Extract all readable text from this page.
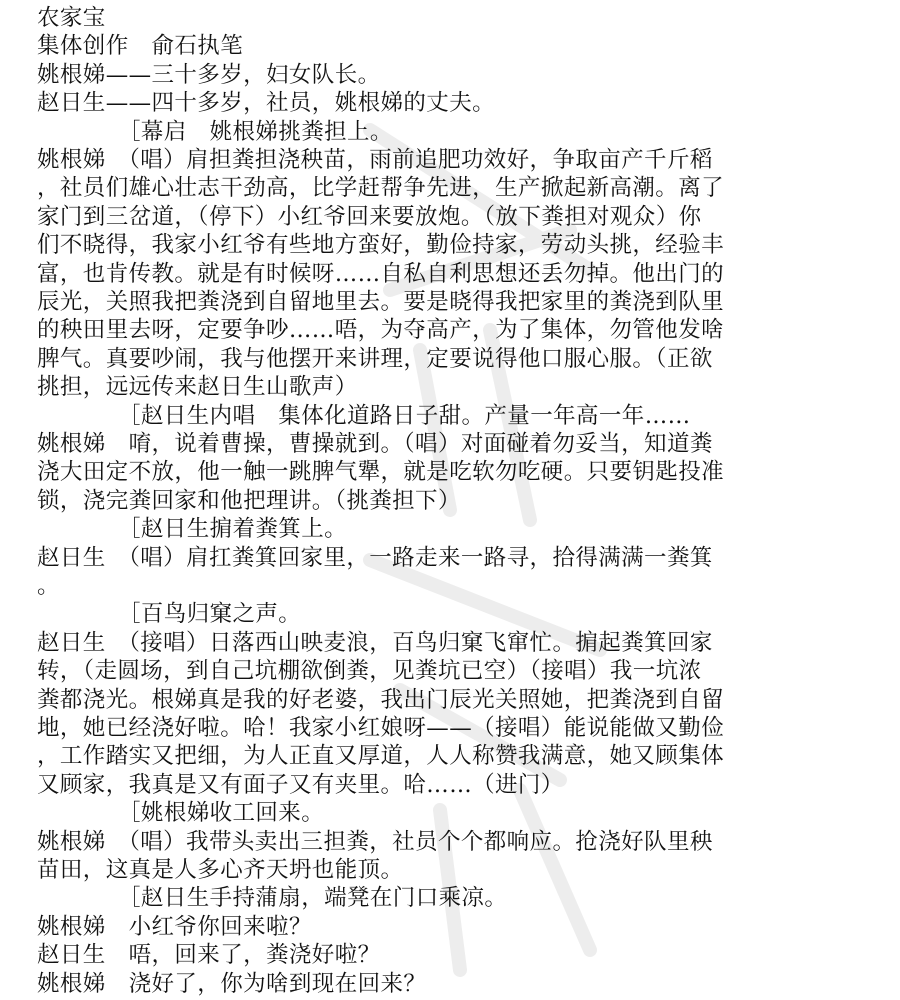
农家宝
集体创作　俞石执笔
姚根娣——三十多岁，妇女队长。
赵日生——四十多岁，社员，姚根娣的丈夫。
［幕启　姚根娣挑粪担上。
姚根娣　（唱）肩担粪担浇秧苗，雨前追肥功效好，争取亩产千斤稻
，社员们雄心壮志干劲高，比学赶帮争先进，生产掀起新高潮。离了
家门到三岔道，（停下）小红爷回来要放炮。（放下粪担对观众）你
们不晓得，我家小红爷有些地方蛮好，勤俭持家，劳动头挑，经验丰
富，也肯传教。就是有时候呀……自私自利思想还丢勿掉。他出门的
辰光，关照我把粪浇到自留地里去。要是晓得我把家里的粪浇到队里
的秧田里去呀，定要争吵……唔，为夺高产，为了集体，勿管他发啥
脾气。真要吵闹，我与他摆开来讲理，定要说得他口服心服。（正欲
挑担，远远传来赵日生山歌声）
［赵日生内唱　集体化道路日子甜。产量一年高一年……
姚根娣　唷，说着曹操，曹操就到。（唱）对面碰着勿妥当，知道粪
浇大田定不放，他一触一跳脾气犟，就是吃软勿吃硬。只要钥匙投准
锁，浇完粪回家和他把理讲。（挑粪担下）
［赵日生掮着粪箕上。
赵日生　（唱）肩扛粪箕回家里，一路走来一路寻，拾得满满一粪箕
。
［百鸟归窠之声。
赵日生　（接唱）日落西山映麦浪，百鸟归窠飞窜忙。掮起粪箕回家
转，（走圆场，到自己坑棚欲倒粪，见粪坑已空）（接唱）我一坑浓
粪都浇光。根娣真是我的好老婆，我出门辰光关照她，把粪浇到自留
地，她已经浇好啦。哈！我家小红娘呀——（接唱）能说能做又勤俭
，工作踏实又把细，为人正直又厚道，人人称赞我满意，她又顾集体
又顾家，我真是又有面子又有夹里。哈……（进门）
［姚根娣收工回来。
姚根娣　（唱）我带头卖出三担粪，社员个个都响应。抢浇好队里秧
苗田，这真是人多心齐天坍也能顶。
［赵日生手持蒲扇，端凳在门口乘凉。
姚根娣　小红爷你回来啦？
赵日生　唔，回来了，粪浇好啦？
姚根娣　浇好了，你为啥到现在回来？
